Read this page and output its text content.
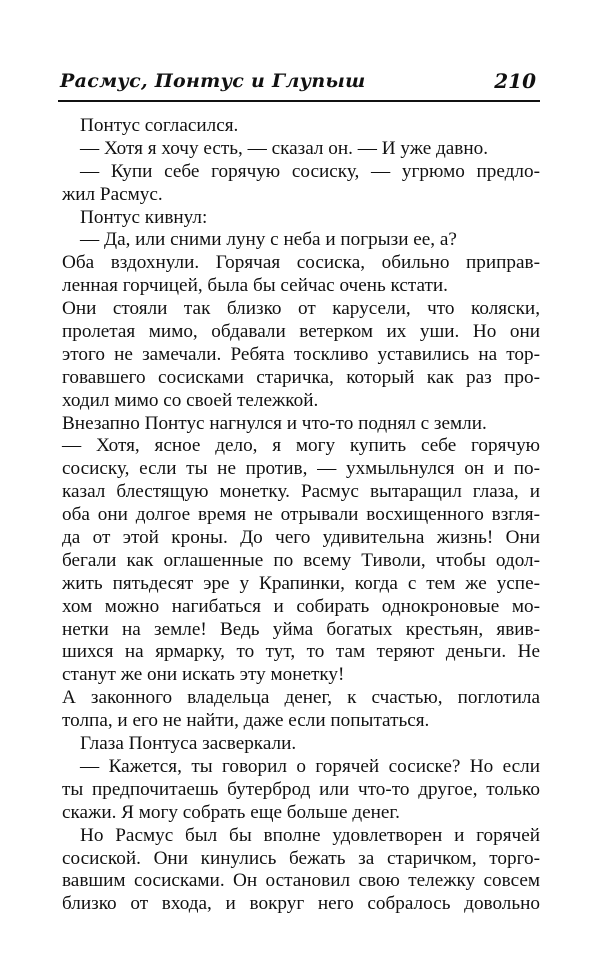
Расмус, Понтус и Глупыш	210
Понтус согласился.
— Хотя я хочу есть, — сказал он. — И уже давно.
— Купи себе горячую сосиску, — угрюмо предло-
жил Расмус.
Понтус кивнул:
— Да, или сними луну с неба и погрызи ее, а?
Оба вздохнули. Горячая сосиска, обильно приправ-
ленная горчицей, была бы сейчас очень кстати.
Они стояли так близко от карусели, что коляски,
пролетая мимо, обдавали ветерком их уши. Но они
этого не замечали. Ребята тоскливо уставились на тор-
говавшего сосисками старичка, который как раз про-
ходил мимо со своей тележкой.
Внезапно Понтус нагнулся и что-то поднял с земли.
— Хотя, ясное дело, я могу купить себе горячую
сосиску, если ты не против, — ухмыльнулся он и по-
казал блестящую монетку. Расмус вытаращил глаза, и
оба они долгое время не отрывали восхищенного взгля-
да от этой кроны. До чего удивительна жизнь! Они
бегали как оглашенные по всему Тиволи, чтобы одол-
жить пятьдесят эре у Крапинки, когда с тем же успе-
хом можно нагибаться и собирать однокроновые мо-
нетки на земле! Ведь уйма богатых крестьян, явив-
шихся на ярмарку, то тут, то там теряют деньги. Не
станут же они искать эту монетку!
А законного владельца денег, к счастью, поглотила
толпа, и его не найти, даже если попытаться.
Глаза Понтуса засверкали.
— Кажется, ты говорил о горячей сосиске? Но если
ты предпочитаешь бутерброд или что-то другое, только
скажи. Я могу собрать еще больше денег.
Но Расмус был бы вполне удовлетворен и горячей
сосиской. Они кинулись бежать за старичком, торго-
вавшим сосисками. Он остановил свою тележку совсем
близко от входа, и вокруг него собралось довольно
